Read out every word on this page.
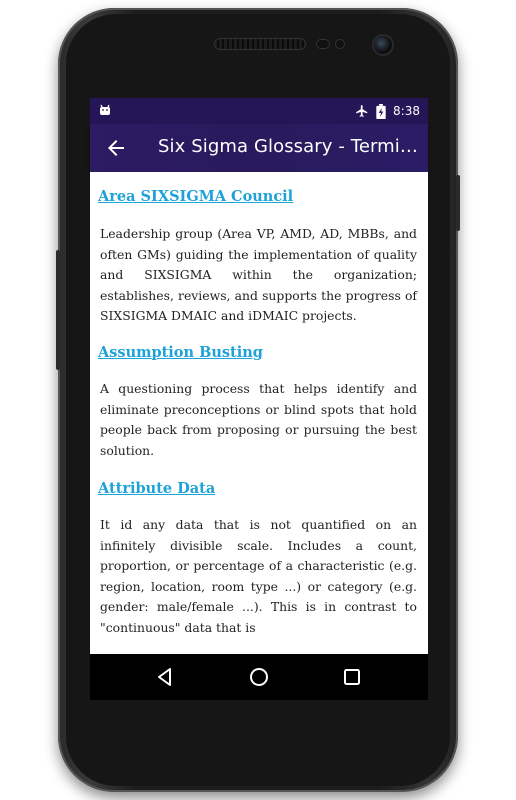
8:38
Six Sigma Glossary - Termi…
Area SIXSIGMA Council

Leadership group (Area VP, AMD, AD, MBBs, and often GMs) guiding the implementation of quality and SIXSIGMA within the organization; establishes, reviews, and supports the progress of SIXSIGMA DMAIC and iDMAIC projects.

Assumption Busting

A questioning process that helps identify and eliminate preconceptions or blind spots that hold people back from proposing or pursuing the best solution.

Attribute Data

It id any data that is not quantified on an infinitely divisible scale. Includes a count, proportion, or percentage of a characteristic (e.g. region, location, room type ...) or category (e.g. gender: male/female ...). This is in contrast to "continuous" data that is
